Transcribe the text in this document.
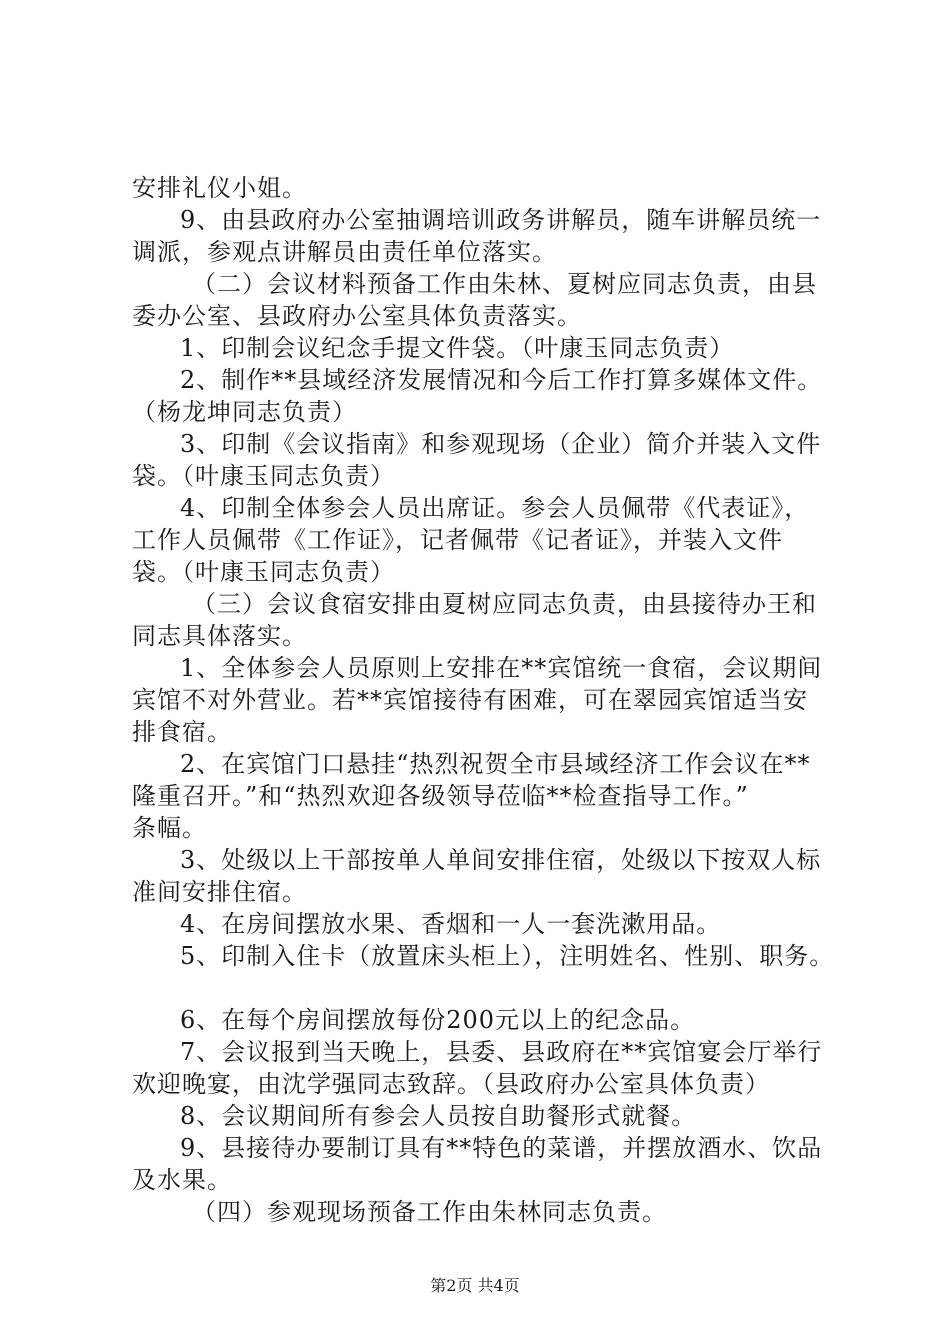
安排礼仪小姐。
9、由县政府办公室抽调培训政务讲解员，随车讲解员统一
调派，参观点讲解员由责任单位落实。
（二）会议材料预备工作由朱林、夏树应同志负责，由县
委办公室、县政府办公室具体负责落实。
1、印制会议纪念手提文件袋。（叶康玉同志负责）
2、制作**县域经济发展情况和今后工作打算多媒体文件。
（杨龙坤同志负责）
3、印制《会议指南》和参观现场（企业）简介并装入文件
袋。（叶康玉同志负责）
4、印制全体参会人员出席证。参会人员佩带《代表证》，
工作人员佩带《工作证》，记者佩带《记者证》，并装入文件
袋。（叶康玉同志负责）
（三）会议食宿安排由夏树应同志负责，由县接待办王和
同志具体落实。
1、全体参会人员原则上安排在**宾馆统一食宿，会议期间
宾馆不对外营业。若**宾馆接待有困难，可在翠园宾馆适当安
排食宿。
2、在宾馆门口悬挂“热烈祝贺全市县域经济工作会议在**
隆重召开。”和“热烈欢迎各级领导莅临**检查指导工作。”
条幅。
3、处级以上干部按单人单间安排住宿，处级以下按双人标
准间安排住宿。
4、在房间摆放水果、香烟和一人一套洗漱用品。
5、印制入住卡（放置床头柜上），注明姓名、性别、职务。
6、在每个房间摆放每份200元以上的纪念品。
7、会议报到当天晚上，县委、县政府在**宾馆宴会厅举行
欢迎晚宴，由沈学强同志致辞。（县政府办公室具体负责）
8、会议期间所有参会人员按自助餐形式就餐。
9、县接待办要制订具有**特色的菜谱，并摆放酒水、饮品
及水果。
（四）参观现场预备工作由朱林同志负责。
第2页 共4页
